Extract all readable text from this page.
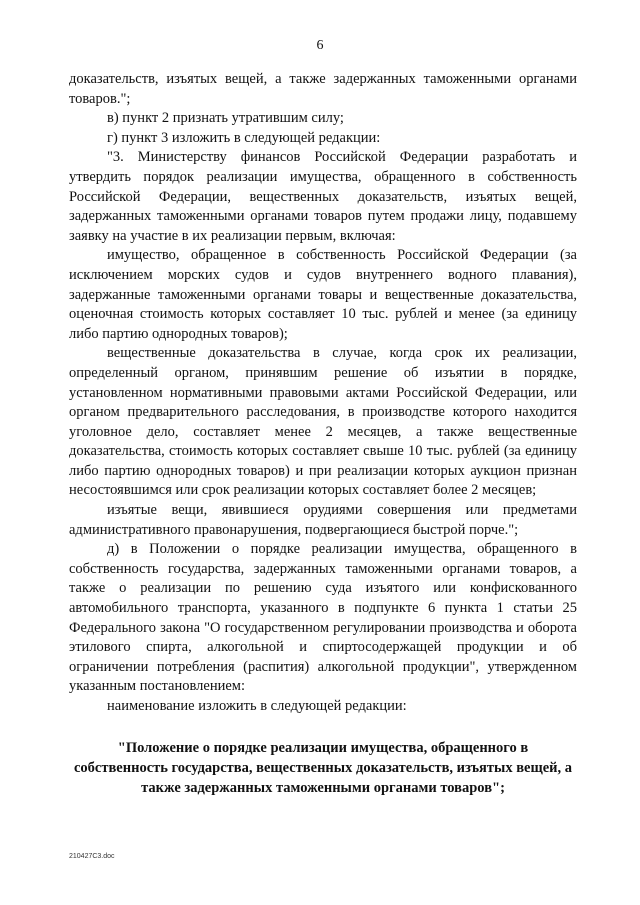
6

доказательств, изъятых вещей, а также задержанных таможенными органами товаров.";

в) пункт 2 признать утратившим силу;

г) пункт 3 изложить в следующей редакции:

"3. Министерству финансов Российской Федерации разработать и утвердить порядок реализации имущества, обращенного в собственность Российской Федерации, вещественных доказательств, изъятых вещей, задержанных таможенными органами товаров путем продажи лицу, подавшему заявку на участие в их реализации первым, включая:

имущество, обращенное в собственность Российской Федерации (за исключением морских судов и судов внутреннего водного плавания), задержанные таможенными органами товары и вещественные доказательства, оценочная стоимость которых составляет 10 тыс. рублей и менее (за единицу либо партию однородных товаров);

вещественные доказательства в случае, когда срок их реализации, определенный органом, принявшим решение об изъятии в порядке, установленном нормативными правовыми актами Российской Федерации, или органом предварительного расследования, в производстве которого находится уголовное дело, составляет менее 2 месяцев, а также вещественные доказательства, стоимость которых составляет свыше 10 тыс. рублей (за единицу либо партию однородных товаров) и при реализации которых аукцион признан несостоявшимся или срок реализации которых составляет более 2 месяцев;

изъятые вещи, явившиеся орудиями совершения или предметами административного правонарушения, подвергающиеся быстрой порче.";

д) в Положении о порядке реализации имущества, обращенного в собственность государства, задержанных таможенными органами товаров, а также о реализации по решению суда изъятого или конфискованного автомобильного транспорта, указанного в подпункте 6 пункта 1 статьи 25 Федерального закона "О государственном регулировании производства и оборота этилового спирта, алкогольной и спиртосодержащей продукции и об ограничении потребления (распития) алкогольной продукции", утвержденном указанным постановлением:

наименование изложить в следующей редакции:

"Положение о порядке реализации имущества, обращенного в собственность государства, вещественных доказательств, изъятых вещей, а также задержанных таможенными органами товаров";

210427С3.doc
